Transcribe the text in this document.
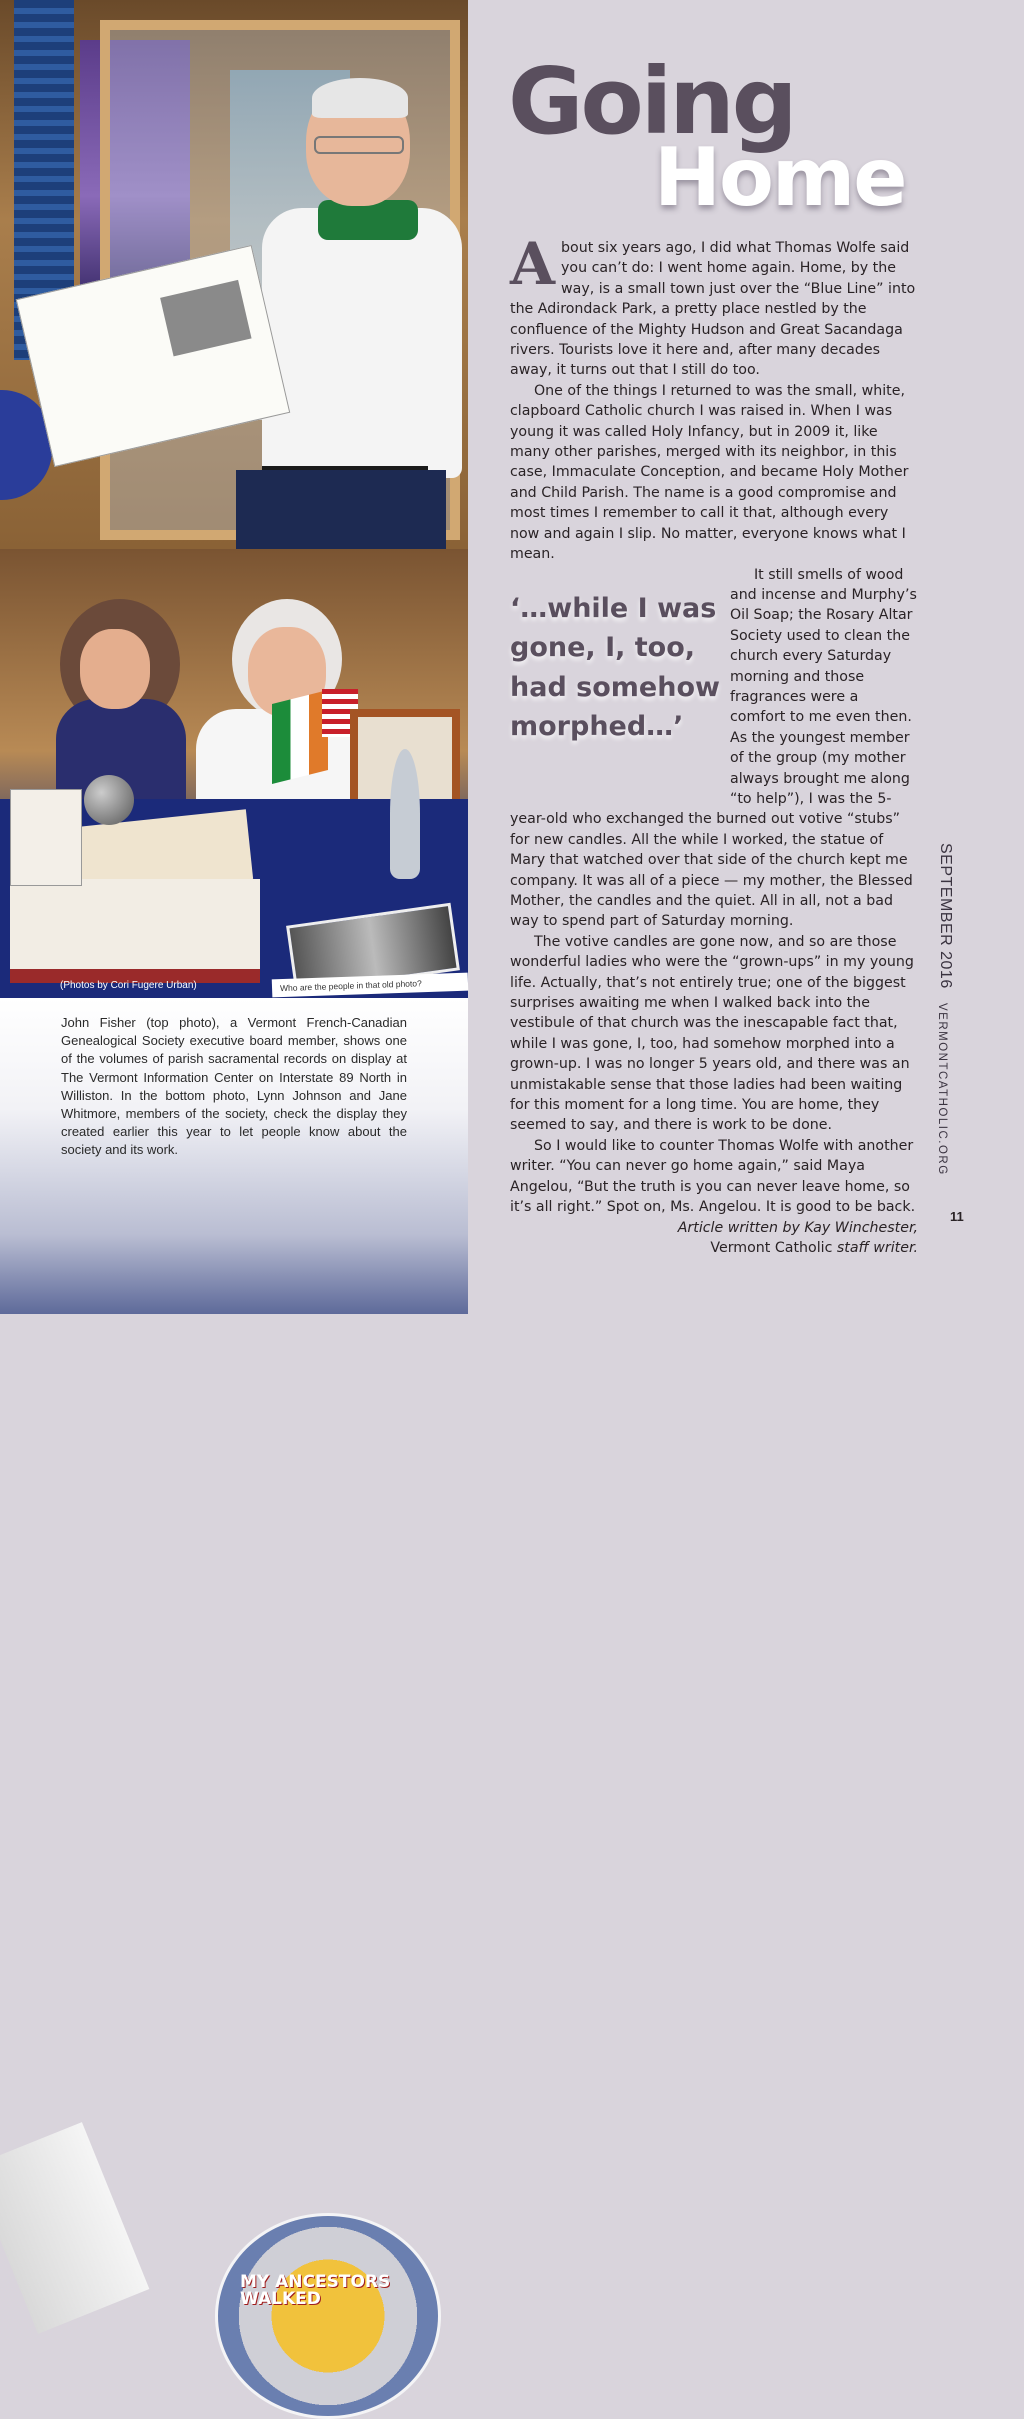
(Photos by Cori Fugere Urban)	Who are the people in that old photo?
MY ANCESTORS WALKED
John Fisher (top photo), a Vermont French-Canadian Genealogical Society executive board member, shows one of the volumes of parish sacramental records on display at The Vermont Information Center on Interstate 89 North in Williston. In the bottom photo, Lynn Johnson and Jane Whitmore, members of the society, check the display they created earlier this year to let people know about the society and its work.
Going
Home

About six years ago, I did what Thomas Wolfe said you can’t do: I went home again. Home, by the way, is a small town just over the “Blue Line” into the Adirondack Park, a pretty place nestled by the confluence of the Mighty Hudson and Great Sacandaga rivers. Tourists love it here and, after many decades away, it turns out that I still do too.

One of the things I returned to was the small, white, clapboard Catholic church I was raised in. When I was young it was called Holy Infancy, but in 2009 it, like many other parishes, merged with its neighbor, in this case, Immaculate Conception, and became Holy Mother and Child Parish. The name is a good compromise and most times I remember to call it that, although every now and again I slip. No matter, everyone knows what I mean.

‘…while I was gone, I, too, had somehow morphed…’

It still smells of wood and incense and Murphy’s Oil Soap; the Rosary Altar Society used to clean the church every Saturday morning and those fragrances were a comfort to me even then. As the youngest member of the group (my mother always brought me along “to help”), I was the 5-year-old who exchanged the burned out votive “stubs” for new candles. All the while I worked, the statue of Mary that watched over that side of the church kept me company. It was all of a piece — my mother, the Blessed Mother, the candles and the quiet. All in all, not a bad way to spend part of Saturday morning.

The votive candles are gone now, and so are those wonderful ladies who were the “grown-ups” in my young life. Actually, that’s not entirely true; one of the biggest surprises awaiting me when I walked back into the vestibule of that church was the inescapable fact that, while I was gone, I, too, had somehow morphed into a grown-up. I was no longer 5 years old, and there was an unmistakable sense that those ladies had been waiting for this moment for a long time. You are home, they seemed to say, and there is work to be done.

So I would like to counter Thomas Wolfe with another writer. “You can never go home again,” said Maya Angelou, “But the truth is you can never leave home, so it’s all right.” Spot on, Ms. Angelou. It is good to be back.

Article written by Kay Winchester,

Vermont Catholic staff writer.

SEPTEMBER 2016
VERMONTCATHOLIC.ORG
11
